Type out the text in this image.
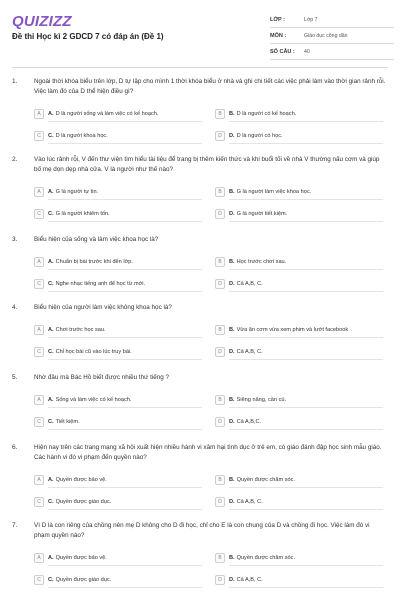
QUIZIZZ
Đề thi Học kì 2 GDCD 7 có đáp án (Đề 1)
LỚP :	Lớp 7
MÔN :	Giáo dục công dân
SỐ CÂU :	40
1.	Ngoài thời khóa biểu trên lớp, D tự lập cho mình 1 thời khóa biểu ở nhà và ghi chi tiết các việc phải làm vào thời gian rảnh rỗi. Việc làm đó của D thể hiện điều gì?
A	A. D là người sống và làm việc có kế hoạch.	B	B. D là người có kế hoạch.
C	C. D là người khoa học.	D	D. D là người có học.
2.	Vào lúc rảnh rỗi, V đến thư viện tìm hiểu tài liệu để trang bị thêm kiến thức và khi buổi tối về nhà V thường nấu cơm và giúp bố mẹ dọn dẹp nhà cửa. V là người như thế nào?
A	A. G là người tự tin.	B	B. G là người làm việc khoa học.
C	C. G là người khiêm tốn.	D	D. G là người tiết kiệm.
3.	Biểu hiện của sống và làm việc khoa học là?
A	A. Chuẩn bị bài trước khi đến lớp.	B	B. Học trước chơi sau.
C	C. Nghe nhạc tiếng anh để học từ mới.	D	D. Cả A,B, C.
4.	Biểu hiện của người làm việc không khoa học là?
A	A. Chơi trước học sau.	B	B. Vừa ăn cơm vừa xem phim và lướt facebook
C	C. Chỉ học bài cũ vào lúc truy bài.	D	D. Cả A,B, C.
5.	Nhờ đâu mà Bác Hồ biết được nhiều thứ tiếng ?
A	A. Sống và làm việc có kế hoạch.	B	B. Siêng năng, cần cù.
C	C. Tiết kiệm.	D	D. Cả A,B,C.
6.	Hiện nay trên các trang mạng xã hội xuất hiện nhiều hành vi xâm hại tình dục ở trẻ em, có giáo đánh đập học sinh mẫu giáo. Các hành vi đó vi phạm đến quyền nào?
A	A. Quyền được bảo vệ.	B	B. Quyền được chăm sóc.
C	C. Quyền được giáo dục.	D	D. Cả A,B, C.
7.	Vì D là con riêng của chồng nên mẹ D không cho D đi học, chỉ cho E là con chung của D và chồng đi học. Việc làm đó vi phạm quyền nào?
A	A. Quyền được bảo vệ.	B	B. Quyền được chăm sóc.
C	C. Quyền được giáo dục.	D	D. Cả A,B, C.
